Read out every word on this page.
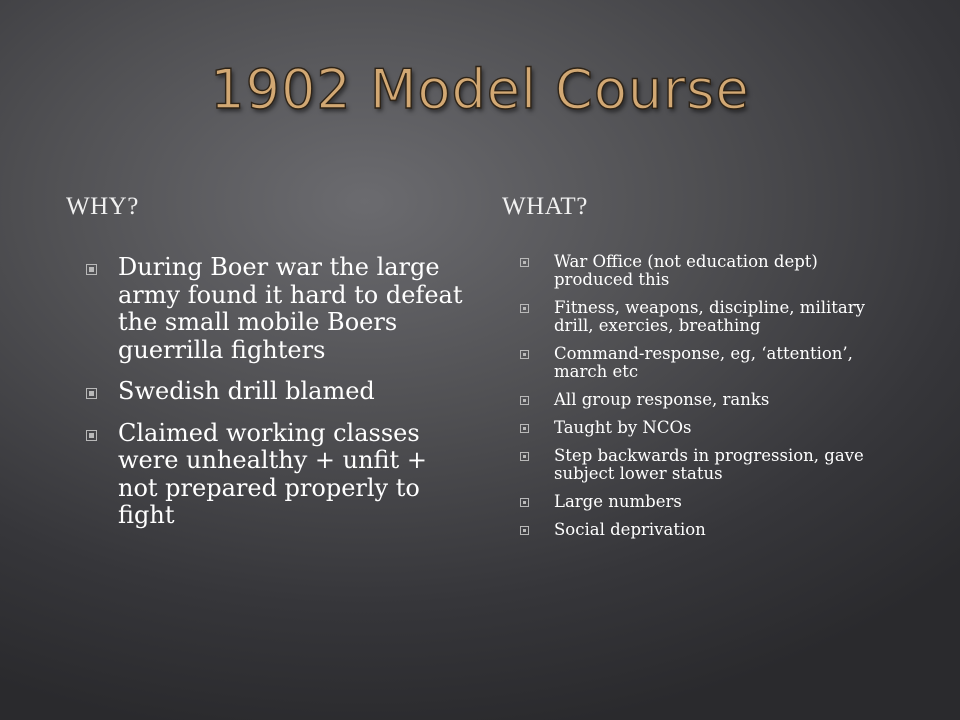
1902 Model Course
WHY?	WHAT?
During Boer war the large army found it hard to defeat the small mobile Boers guerrilla fighters
Swedish drill blamed
Claimed working classes were unhealthy + unfit + not prepared properly to fight
War Office (not education dept) produced this
Fitness, weapons, discipline, military drill, exercies, breathing
Command-response, eg, ‘attention’, march etc
All group response, ranks
Taught by NCOs
Step backwards in progression, gave subject lower status
Large numbers
Social deprivation
